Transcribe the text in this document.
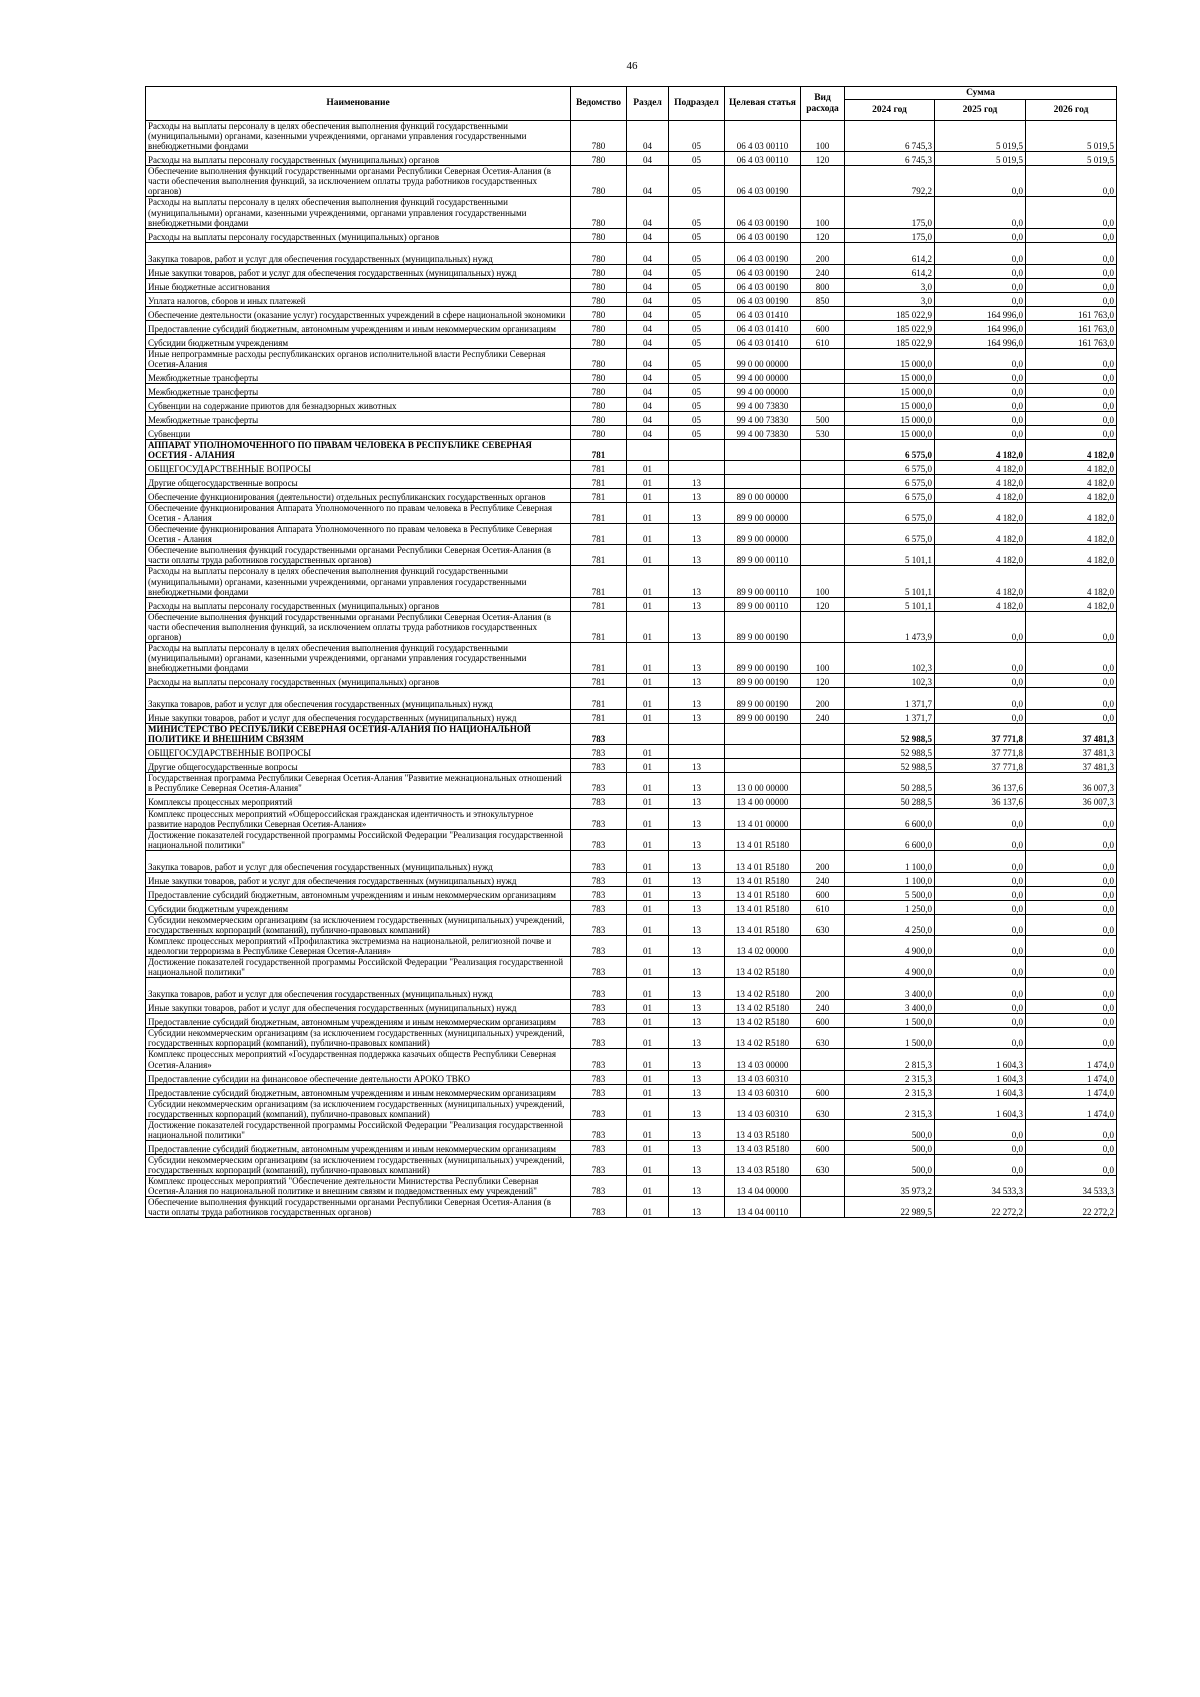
46
Наименование	Ведомство	Раздел	Подраздел	Целевая статья	Вид расхода	Сумма		
						2024 год	2025 год	2026 год
Расходы на выплаты персоналу в целях обеспечения выполнения функций государственными (муниципальными) органами, казенными учреждениями, органами управления государственными внебюджетными фондами	780	04	05	06 4 03 00110	100	6 745,3	5 019,5	5 019,5
Расходы на выплаты персоналу государственных (муниципальных) органов	780	04	05	06 4 03 00110	120	6 745,3	5 019,5	5 019,5
Обеспечение выполнения функций государственными органами Республики Северная Осетия-Алания (в части обеспечения выполнения функций, за исключением оплаты труда работников государственных органов)	780	04	05	06 4 03 00190		792,2	0,0	0,0
Расходы на выплаты персоналу в целях обеспечения выполнения функций государственными (муниципальными) органами, казенными учреждениями, органами управления государственными внебюджетными фондами	780	04	05	06 4 03 00190	100	175,0	0,0	0,0
Расходы на выплаты персоналу государственных (муниципальных) органов	780	04	05	06 4 03 00190	120	175,0	0,0	0,0
Закупка товаров, работ и услуг для обеспечения государственных (муниципальных) нужд	780	04	05	06 4 03 00190	200	614,2	0,0	0,0
Иные закупки товаров, работ и услуг для обеспечения государственных (муниципальных) нужд	780	04	05	06 4 03 00190	240	614,2	0,0	0,0
Иные бюджетные ассигнования	780	04	05	06 4 03 00190	800	3,0	0,0	0,0
Уплата налогов, сборов и иных платежей	780	04	05	06 4 03 00190	850	3,0	0,0	0,0
Обеспечение деятельности (оказание услуг) государственных учреждений в сфере национальной экономики	780	04	05	06 4 03 01410		185 022,9	164 996,0	161 763,0
Предоставление субсидий бюджетным, автономным учреждениям и иным некоммерческим организациям	780	04	05	06 4 03 01410	600	185 022,9	164 996,0	161 763,0
Субсидии бюджетным учреждениям	780	04	05	06 4 03 01410	610	185 022,9	164 996,0	161 763,0
Иные непрограммные расходы республиканских органов исполнительной власти Республики Северная Осетия-Алания	780	04	05	99 0 00 00000		15 000,0	0,0	0,0
Межбюджетные трансферты	780	04	05	99 4 00 00000		15 000,0	0,0	0,0
Межбюджетные трансферты	780	04	05	99 4 00 00000		15 000,0	0,0	0,0
Субвенции на содержание приютов для безнадзорных животных	780	04	05	99 4 00 73830		15 000,0	0,0	0,0
Межбюджетные трансферты	780	04	05	99 4 00 73830	500	15 000,0	0,0	0,0
Субвенции	780	04	05	99 4 00 73830	530	15 000,0	0,0	0,0
АППАРАТ УПОЛНОМОЧЕННОГО ПО ПРАВАМ ЧЕЛОВЕКА В РЕСПУБЛИКЕ СЕВЕРНАЯ ОСЕТИЯ - АЛАНИЯ	781					6 575,0	4 182,0	4 182,0
ОБЩЕГОСУДАРСТВЕННЫЕ ВОПРОСЫ	781	01				6 575,0	4 182,0	4 182,0
Другие общегосударственные вопросы	781	01	13			6 575,0	4 182,0	4 182,0
Обеспечение функционирования (деятельности) отдельных республиканских государственных органов	781	01	13	89 0 00 00000		6 575,0	4 182,0	4 182,0
Обеспечение функционирования Аппарата Уполномоченного по правам человека в Республике Северная Осетия - Алания	781	01	13	89 9 00 00000		6 575,0	4 182,0	4 182,0
Обеспечение функционирования Аппарата Уполномоченного по правам человека в Республике Северная Осетия - Алания	781	01	13	89 9 00 00000		6 575,0	4 182,0	4 182,0
Обеспечение выполнения функций государственными органами Республики Северная Осетия-Алания (в части оплаты труда работников государственных органов)	781	01	13	89 9 00 00110		5 101,1	4 182,0	4 182,0
Расходы на выплаты персоналу в целях обеспечения выполнения функций государственными (муниципальными) органами, казенными учреждениями, органами управления государственными внебюджетными фондами	781	01	13	89 9 00 00110	100	5 101,1	4 182,0	4 182,0
Расходы на выплаты персоналу государственных (муниципальных) органов	781	01	13	89 9 00 00110	120	5 101,1	4 182,0	4 182,0
Обеспечение выполнения функций государственными органами Республики Северная Осетия-Алания (в части обеспечения выполнения функций, за исключением оплаты труда работников государственных органов)	781	01	13	89 9 00 00190		1 473,9	0,0	0,0
Расходы на выплаты персоналу в целях обеспечения выполнения функций государственными (муниципальными) органами, казенными учреждениями, органами управления государственными внебюджетными фондами	781	01	13	89 9 00 00190	100	102,3	0,0	0,0
Расходы на выплаты персоналу государственных (муниципальных) органов	781	01	13	89 9 00 00190	120	102,3	0,0	0,0
Закупка товаров, работ и услуг для обеспечения государственных (муниципальных) нужд	781	01	13	89 9 00 00190	200	1 371,7	0,0	0,0
Иные закупки товаров, работ и услуг для обеспечения государственных (муниципальных) нужд	781	01	13	89 9 00 00190	240	1 371,7	0,0	0,0
МИНИСТЕРСТВО РЕСПУБЛИКИ СЕВЕРНАЯ ОСЕТИЯ-АЛАНИЯ ПО НАЦИОНАЛЬНОЙ ПОЛИТИКЕ И ВНЕШНИМ СВЯЗЯМ	783					52 988,5	37 771,8	37 481,3
ОБЩЕГОСУДАРСТВЕННЫЕ ВОПРОСЫ	783	01				52 988,5	37 771,8	37 481,3
Другие общегосударственные вопросы	783	01	13			52 988,5	37 771,8	37 481,3
Государственная программа Республики Северная Осетия-Алания "Развитие межнациональных отношений в Республике Северная Осетия-Алания"	783	01	13	13 0 00 00000		50 288,5	36 137,6	36 007,3
Комплексы процессных мероприятий	783	01	13	13 4 00 00000		50 288,5	36 137,6	36 007,3
Комплекс процессных мероприятий «Общероссийская гражданская идентичность и этнокультурное развитие народов Республики Северная Осетия-Алания»	783	01	13	13 4 01 00000		6 600,0	0,0	0,0
Достижение показателей государственной программы Российской Федерации "Реализация государственной национальной политики"	783	01	13	13 4 01 R5180		6 600,0	0,0	0,0
Закупка товаров, работ и услуг для обеспечения государственных (муниципальных) нужд	783	01	13	13 4 01 R5180	200	1 100,0	0,0	0,0
Иные закупки товаров, работ и услуг для обеспечения государственных (муниципальных) нужд	783	01	13	13 4 01 R5180	240	1 100,0	0,0	0,0
Предоставление субсидий бюджетным, автономным учреждениям и иным некоммерческим организациям	783	01	13	13 4 01 R5180	600	5 500,0	0,0	0,0
Субсидии бюджетным учреждениям	783	01	13	13 4 01 R5180	610	1 250,0	0,0	0,0
Субсидии некоммерческим организациям (за исключением государственных (муниципальных) учреждений, государственных корпораций (компаний), публично-правовых компаний)	783	01	13	13 4 01 R5180	630	4 250,0	0,0	0,0
Комплекс процессных мероприятий «Профилактика экстремизма на национальной, религиозной почве и идеологии терроризма в Республике Северная Осетия-Алания»	783	01	13	13 4 02 00000		4 900,0	0,0	0,0
Достижение показателей государственной программы Российской Федерации "Реализация государственной национальной политики"	783	01	13	13 4 02 R5180		4 900,0	0,0	0,0
Закупка товаров, работ и услуг для обеспечения государственных (муниципальных) нужд	783	01	13	13 4 02 R5180	200	3 400,0	0,0	0,0
Иные закупки товаров, работ и услуг для обеспечения государственных (муниципальных) нужд	783	01	13	13 4 02 R5180	240	3 400,0	0,0	0,0
Предоставление субсидий бюджетным, автономным учреждениям и иным некоммерческим организациям	783	01	13	13 4 02 R5180	600	1 500,0	0,0	0,0
Субсидии некоммерческим организациям (за исключением государственных (муниципальных) учреждений, государственных корпораций (компаний), публично-правовых компаний)	783	01	13	13 4 02 R5180	630	1 500,0	0,0	0,0
Комплекс процессных мероприятий «Государственная поддержка казачьих обществ Республики Северная Осетия-Алания»	783	01	13	13 4 03 00000		2 815,3	1 604,3	1 474,0
Предоставление субсидии на финансовое обеспечение деятельности АРОКО ТВКО	783	01	13	13 4 03 60310		2 315,3	1 604,3	1 474,0
Предоставление субсидий бюджетным, автономным учреждениям и иным некоммерческим организациям	783	01	13	13 4 03 60310	600	2 315,3	1 604,3	1 474,0
Субсидии некоммерческим организациям (за исключением государственных (муниципальных) учреждений, государственных корпораций (компаний), публично-правовых компаний)	783	01	13	13 4 03 60310	630	2 315,3	1 604,3	1 474,0
Достижение показателей государственной программы Российской Федерации "Реализация государственной национальной политики"	783	01	13	13 4 03 R5180		500,0	0,0	0,0
Предоставление субсидий бюджетным, автономным учреждениям и иным некоммерческим организациям	783	01	13	13 4 03 R5180	600	500,0	0,0	0,0
Субсидии некоммерческим организациям (за исключением государственных (муниципальных) учреждений, государственных корпораций (компаний), публично-правовых компаний)	783	01	13	13 4 03 R5180	630	500,0	0,0	0,0
Комплекс процессных мероприятий "Обеспечение деятельности Министерства Республики Северная Осетия-Алания по национальной политике и внешним связям и подведомственных ему учреждений"	783	01	13	13 4 04 00000		35 973,2	34 533,3	34 533,3
Обеспечение выполнения функций государственными органами Республики Северная Осетия-Алания (в части оплаты труда работников государственных органов)	783	01	13	13 4 04 00110		22 989,5	22 272,2	22 272,2
